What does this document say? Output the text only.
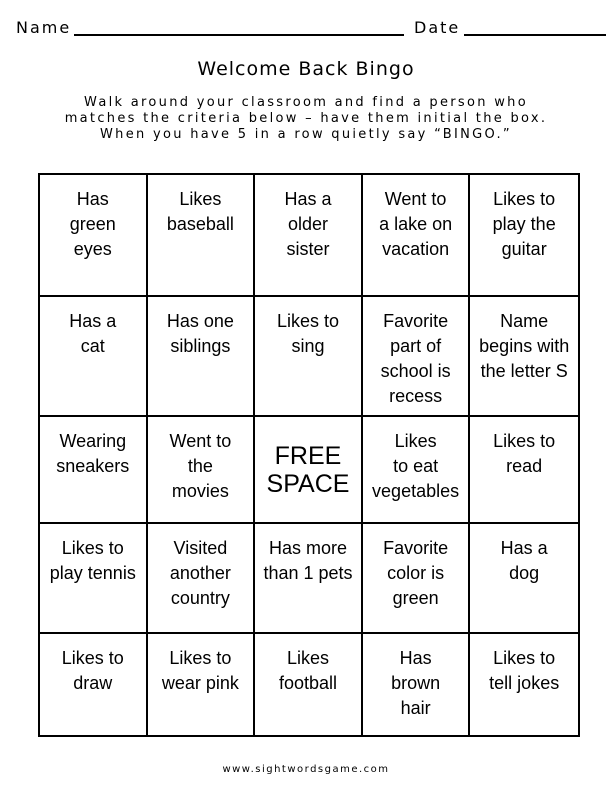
Name	Date
Welcome Back Bingo
Walk around your classroom and find a person who
matches the criteria below – have them initial the box.
When you have 5 in a row quietly say “BINGO.”
Has
green
eyes
Likes
baseball
Has a
older
sister
Went to
a lake on
vacation
Likes to
play the
guitar
Has a
cat
Has one
siblings
Likes to
sing
Favorite
part of
school is
recess
Name
begins with
the letter S
Wearing
sneakers
Went to
the
movies
FREE
SPACE
Likes
to eat
vegetables
Likes to
read
Likes to
play tennis
Visited
another
country
Has more
than 1 pets
Favorite
color is
green
Has a
dog
Likes to
draw
Likes to
wear pink
Likes
football
Has
brown
hair
Likes to
tell jokes
www.sightwordsgame.com
